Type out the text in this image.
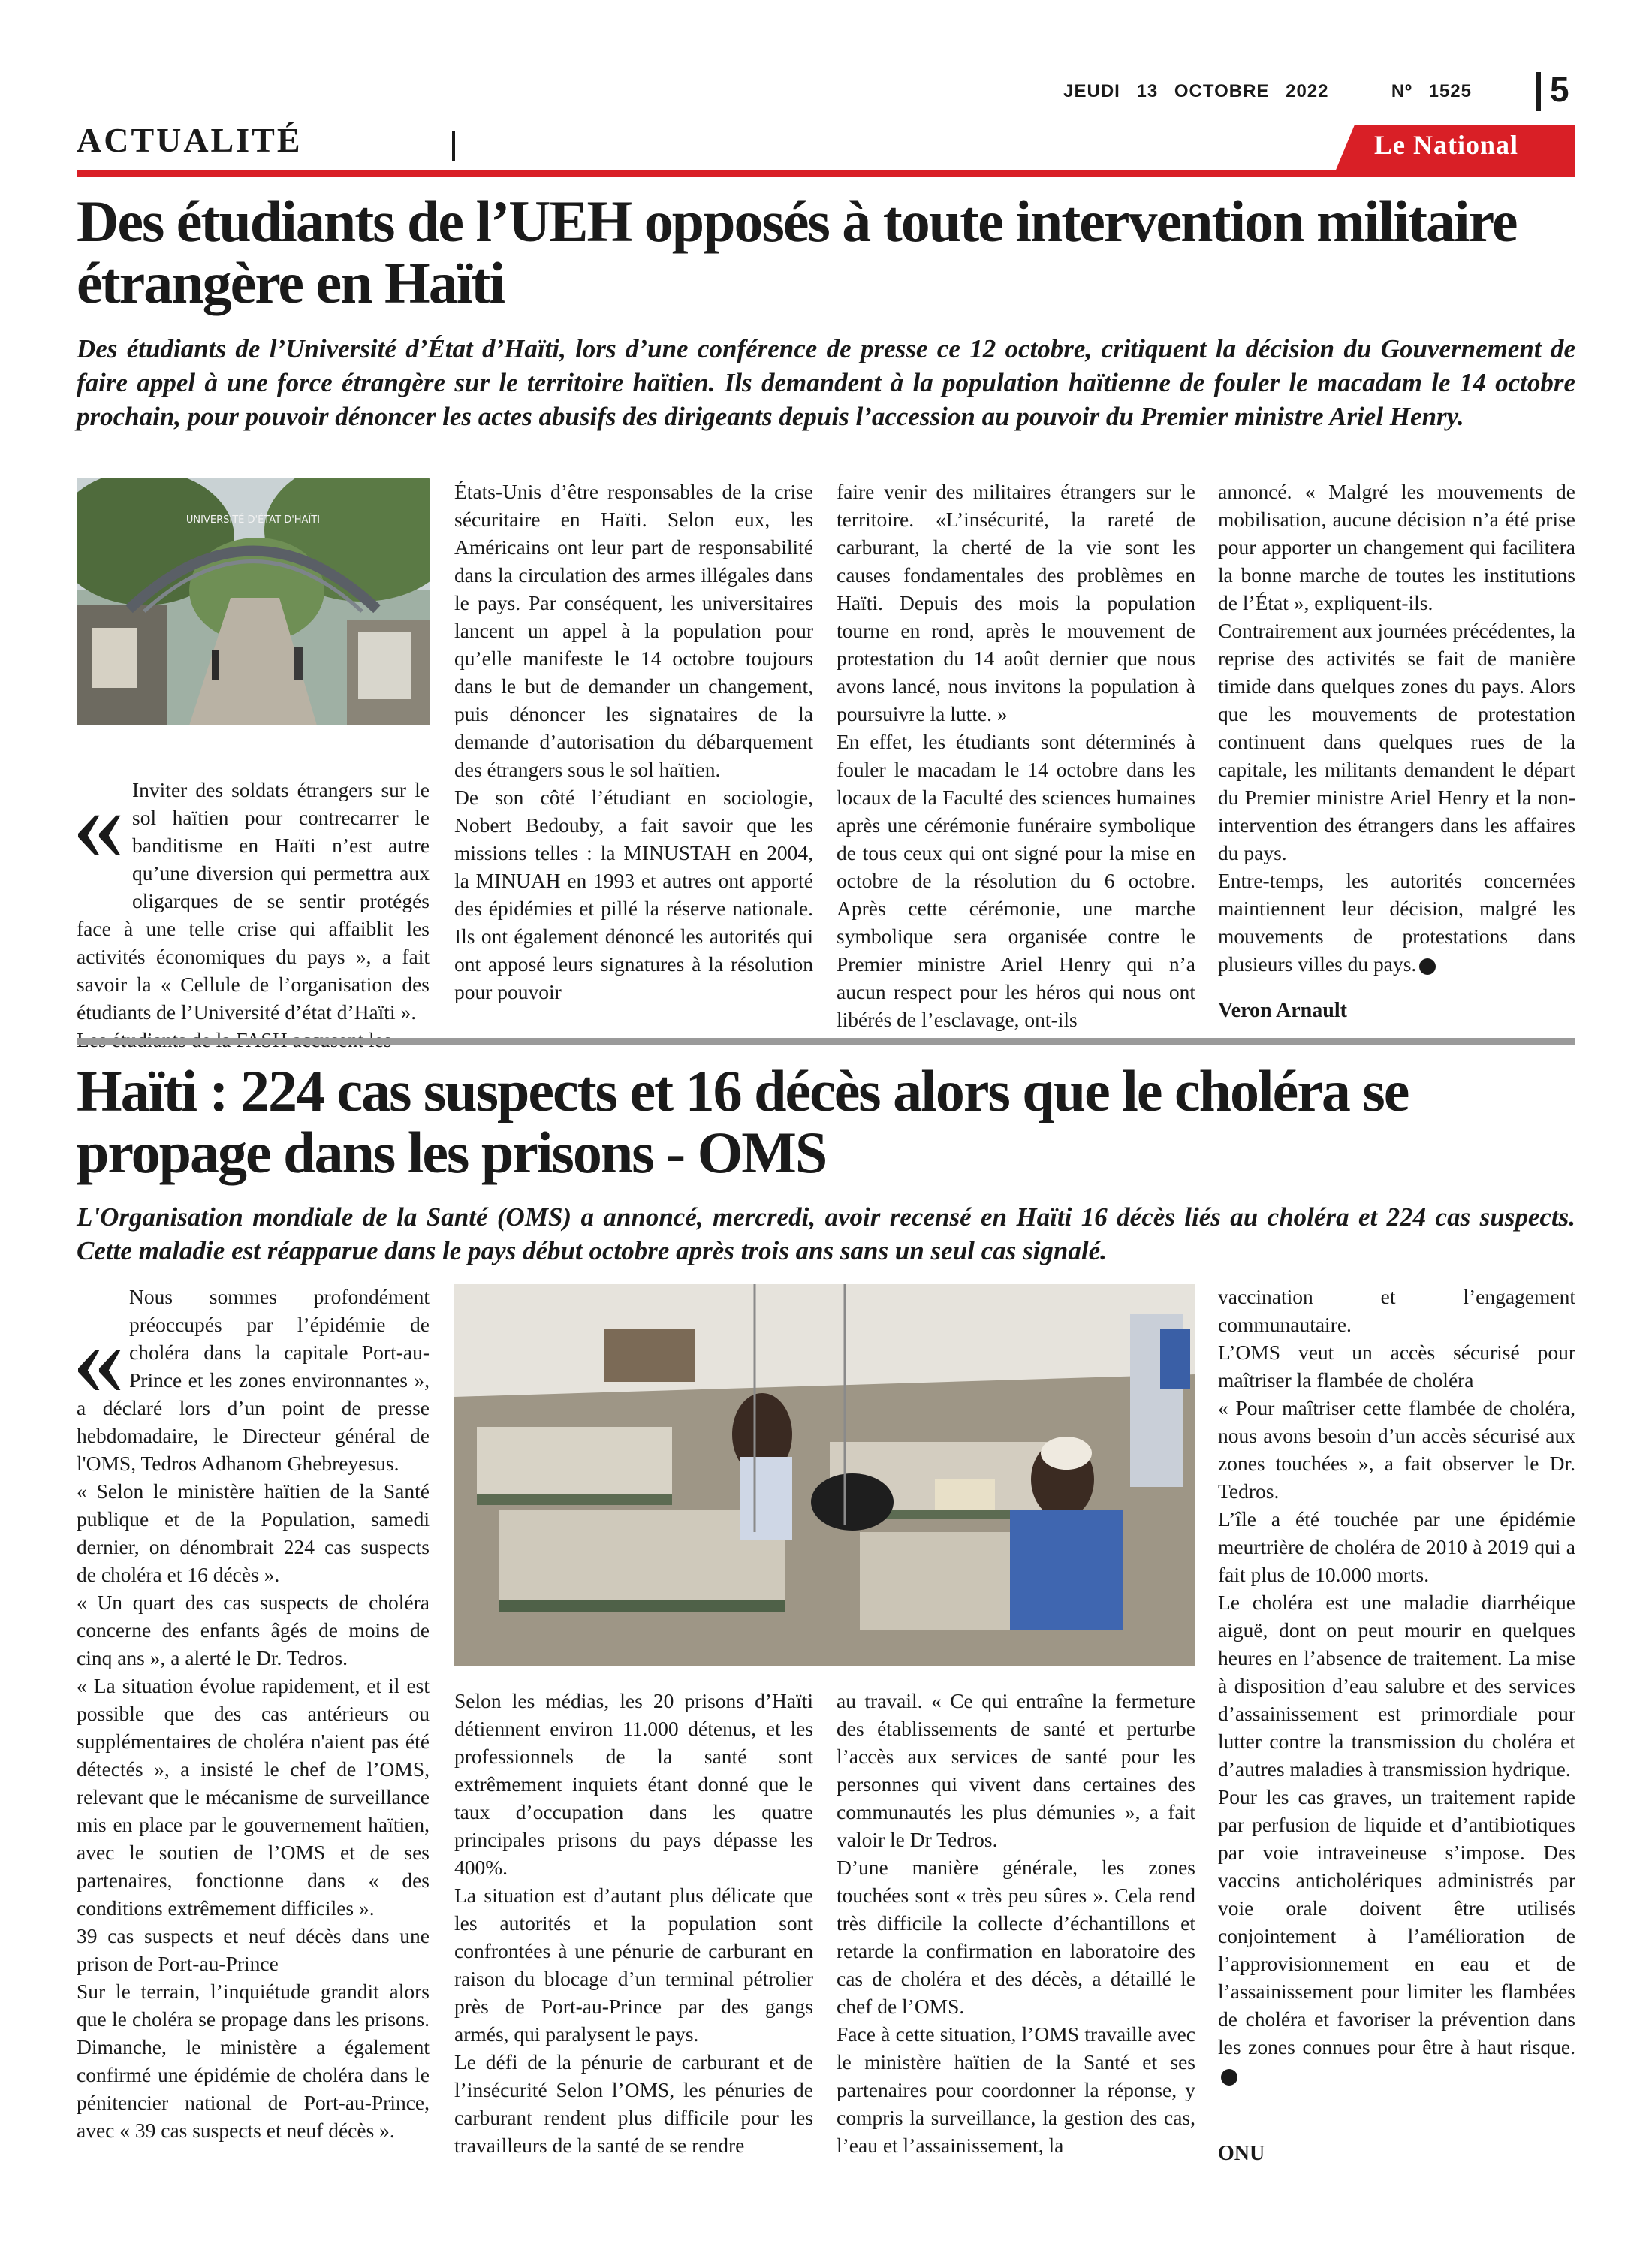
JEUDI 13 OCTOBRE 2022	Nº 1525 5
ACTUALITÉ	Le National
Des étudiants de l’UEH opposés à toute intervention militaire étrangère en Haïti
Des étudiants de l’Université d’État d’Haïti, lors d’une conférence de presse ce 12 octobre, critiquent la décision du Gouvernement de faire appel à une force étrangère sur le territoire haïtien. Ils demandent à la population haïtienne de fouler le macadam le 14 octobre prochain, pour pouvoir dénoncer les actes abusifs des dirigeants depuis l’accession au pouvoir du Premier ministre Ariel Henry.
UNIVERSITÉ D'ÉTAT D'HAÏTI
« Inviter des soldats étrangers sur le sol haïtien pour contrecarrer le banditisme en Haïti n’est autre qu’une diversion qui permettra aux oligarques de se sentir protégés face à une telle crise qui affaiblit les activités économiques du pays », a fait savoir la « Cellule de l’organisation des étudiants de l’Université d’état d’Haïti ».

États-Unis d’être responsables de la crise sécuritaire en Haïti. Selon eux, les Américains ont leur part de responsabilité dans la circulation des armes illégales dans le pays. Par conséquent, les universitaires lancent un appel à la population pour qu’elle manifeste le 14 octobre toujours dans le but de demander un changement, puis dénoncer les signataires de la demande d’autorisation du débarquement des étrangers sous le sol haïtien.

De son côté l’étudiant en sociologie, Nobert Bedouby, a fait savoir que les missions telles : la MINUSTAH en 2004, la MINUAH en 1993 et autres ont apporté des épidémies et pillé la réserve nationale. Ils ont également dénoncé les autorités qui ont apposé leurs signatures à la résolution pour pouvoir

faire venir des militaires étrangers sur le territoire. «L’insécurité, la rareté de carburant, la cherté de la vie sont les causes fondamentales des problèmes en Haïti. Depuis des mois la population tourne en rond, après le mouvement de protestation du 14 août dernier que nous avons lancé, nous invitons la population à poursuivre la lutte. »

En effet, les étudiants sont déterminés à fouler le macadam le 14 octobre dans les locaux de la Faculté des sciences humaines après une cérémonie funéraire symbolique de tous ceux qui ont signé pour la mise en octobre de la résolution du 6 octobre. Après cette cérémonie, une marche symbolique sera organisée contre le Premier ministre Ariel Henry qui n’a aucun respect pour les héros qui nous ont libérés de l’esclavage, ont-ils

annoncé. « Malgré les mouvements de mobilisation, aucune décision n’a été prise pour apporter un changement qui facilitera la bonne marche de toutes les institutions de l’État », expliquent-ils.

Contrairement aux journées précédentes, la reprise des activités se fait de manière timide dans quelques zones du pays. Alors que les mouvements de protestation continuent dans quelques rues de la capitale, les militants demandent le départ du Premier ministre Ariel Henry et la non-intervention des étrangers dans les affaires du pays.

Entre-temps, les autorités concernées maintiennent leur décision, malgré les mouvements de protestations dans plusieurs villes du pays.

Veron Arnault
Haïti : 224 cas suspects et 16 décès alors que le choléra se propage dans les prisons - OMS
L'Organisation mondiale de la Santé (OMS) a annoncé, mercredi, avoir recensé en Haïti 16 décès liés au choléra et 224 cas suspects. Cette maladie est réapparue dans le pays début octobre après trois ans sans un seul cas signalé.
«

Nous sommes profondément préoccupés par l’épidémie de choléra dans la capitale Port-au-Prince et les zones environnantes », a déclaré lors d’un point de presse hebdomadaire, le Directeur général de l'OMS, Tedros Adhanom Ghebreyesus.

« Selon le ministère haïtien de la Santé publique et de la Population, samedi dernier, on dénombrait 224 cas suspects de choléra et 16 décès ».

« Un quart des cas suspects de choléra concerne des enfants âgés de moins de cinq ans », a alerté le Dr. Tedros.

« La situation évolue rapidement, et il est possible que des cas antérieurs ou supplémentaires de choléra n'aient pas été détectés », a insisté le chef de l’OMS, relevant que le mécanisme de surveillance mis en place par le gouvernement haïtien, avec le soutien de l’OMS et de ses partenaires, fonctionne dans « des conditions extrêmement difficiles ».

39 cas suspects et neuf décès dans une prison de Port-au-Prince

Sur le terrain, l’inquiétude grandit alors que le choléra se propage dans les prisons. Dimanche, le ministère a également confirmé une épidémie de choléra dans le pénitencier national de Port-au-Prince, avec « 39 cas suspects et neuf décès ».

Selon les médias, les 20 prisons d’Haïti détiennent environ 11.000 détenus, et les professionnels de la santé sont extrêmement inquiets étant donné que le taux d’occupation dans les quatre principales prisons du pays dépasse les 400%.

La situation est d’autant plus délicate que les autorités et la population sont confrontées à une pénurie de carburant en raison du blocage d’un terminal pétrolier près de Port-au-Prince par des gangs armés, qui paralysent le pays.

Le défi de la pénurie de carburant et de l’insécurité Selon l’OMS, les pénuries de carburant rendent plus difficile pour les travailleurs de la santé de se rendre

au travail. « Ce qui entraîne la fermeture des établissements de santé et perturbe l’accès aux services de santé pour les personnes qui vivent dans certaines des communautés les plus démunies », a fait valoir le Dr Tedros.

D’une manière générale, les zones touchées sont « très peu sûres ». Cela rend très difficile la collecte d’échantillons et retarde la confirmation en laboratoire des cas de choléra et des décès, a détaillé le chef de l’OMS.

Face à cette situation, l’OMS travaille avec le ministère haïtien de la Santé et ses partenaires pour coordonner la réponse, y compris la surveillance, la gestion des cas, l’eau et l’assainissement, la

vaccination et l’engagement communautaire.

L’OMS veut un accès sécurisé pour maîtriser la flambée de choléra

« Pour maîtriser cette flambée de choléra, nous avons besoin d’un accès sécurisé aux zones touchées », a fait observer le Dr. Tedros.

L’île a été touchée par une épidémie meurtrière de choléra de 2010 à 2019 qui a fait plus de 10.000 morts.

Le choléra est une maladie diarrhéique aiguë, dont on peut mourir en quelques heures en l’absence de traitement. La mise à disposition d’eau salubre et des services d’assainissement est primordiale pour lutter contre la transmission du choléra et d’autres maladies à transmission hydrique.

Pour les cas graves, un traitement rapide par perfusion de liquide et d’antibiotiques par voie intraveineuse s’impose. Des vaccins anticholériques administrés par voie orale doivent être utilisés conjointement à l’amélioration de l’approvisionnement en eau et de l’assainissement pour limiter les flambées de choléra et favoriser la prévention dans les zones connues pour être à haut risque.

ONU
